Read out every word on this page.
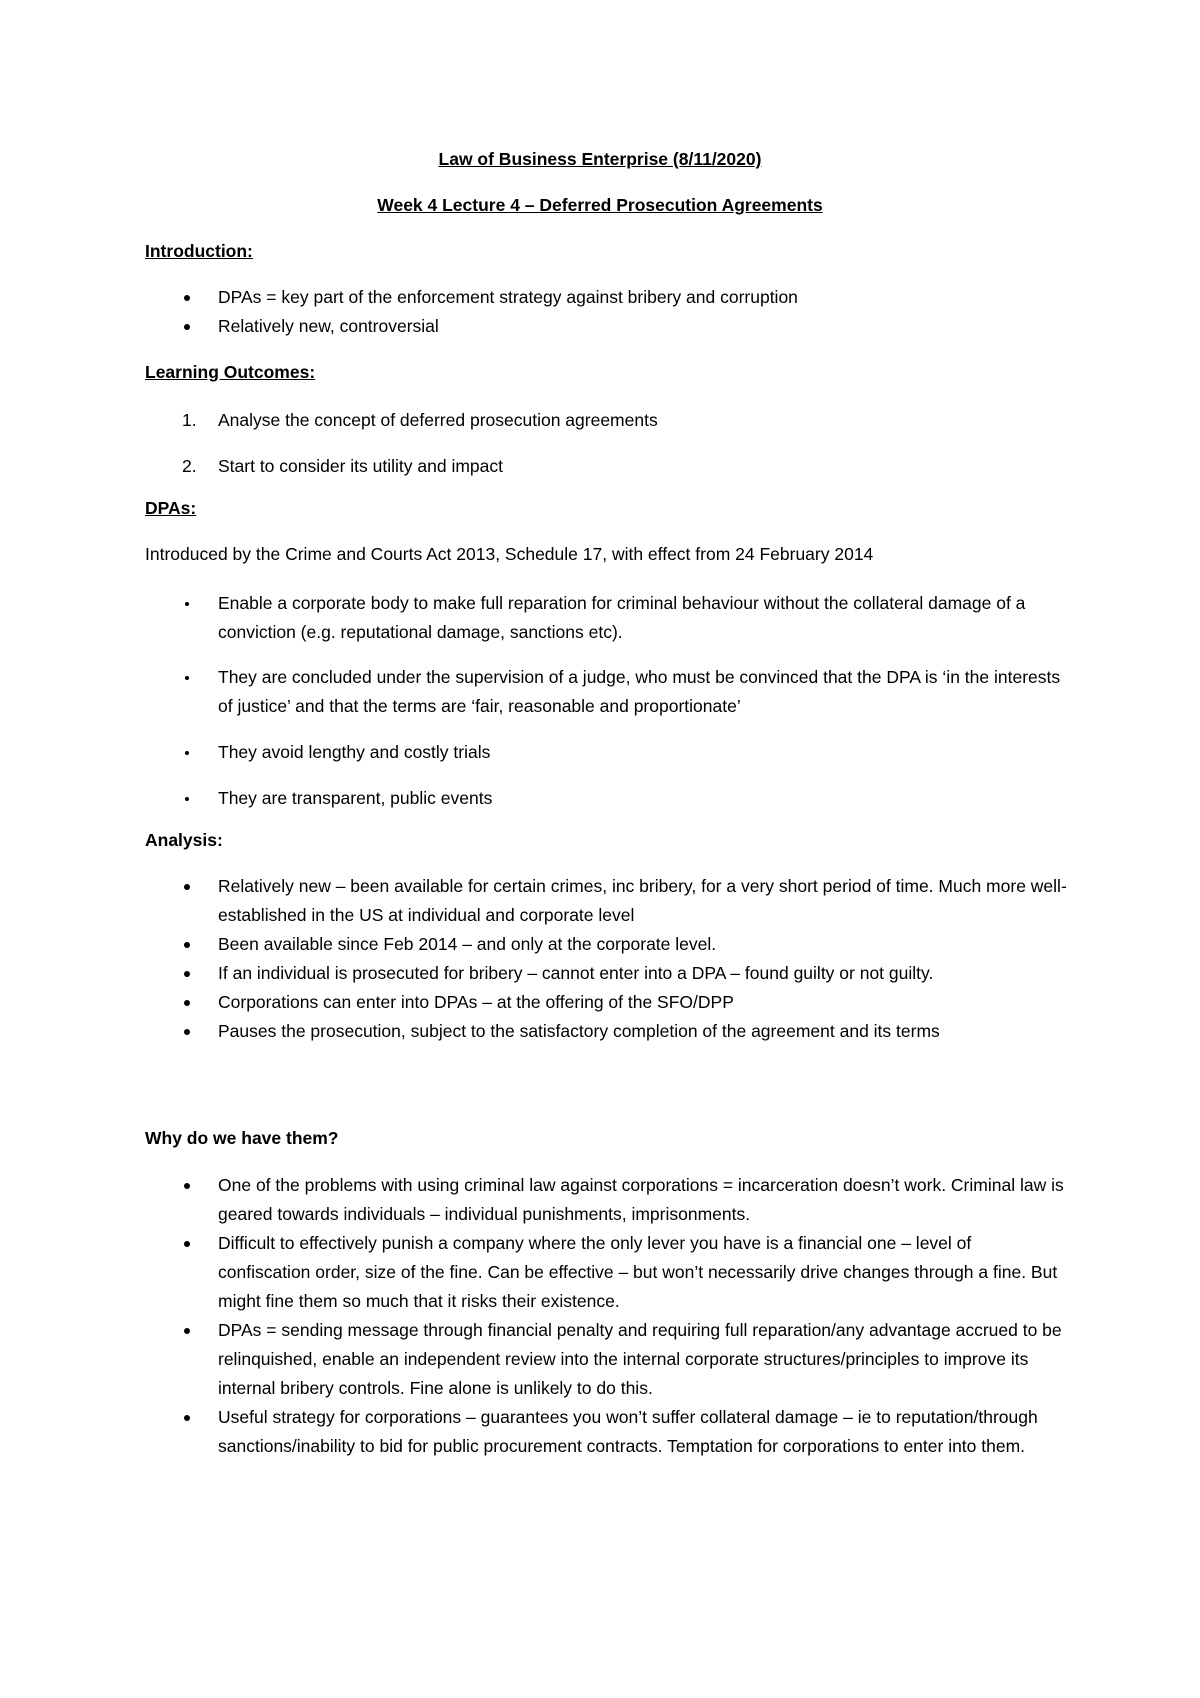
Law of Business Enterprise (8/11/2020)
Week 4 Lecture 4 – Deferred Prosecution Agreements
Introduction:
DPAs = key part of the enforcement strategy against bribery and corruption
Relatively new, controversial
Learning Outcomes:
1. Analyse the concept of deferred prosecution agreements
2. Start to consider its utility and impact
DPAs:
Introduced by the Crime and Courts Act 2013, Schedule 17, with effect from 24 February 2014
Enable a corporate body to make full reparation for criminal behaviour without the collateral damage of a conviction (e.g. reputational damage, sanctions etc).
They are concluded under the supervision of a judge, who must be convinced that the DPA is ‘in the interests of justice’ and that the terms are ‘fair, reasonable and proportionate’
They avoid lengthy and costly trials
They are transparent, public events
Analysis:
Relatively new – been available for certain crimes, inc bribery, for a very short period of time. Much more well-established in the US at individual and corporate level
Been available since Feb 2014 – and only at the corporate level.
If an individual is prosecuted for bribery – cannot enter into a DPA – found guilty or not guilty.
Corporations can enter into DPAs – at the offering of the SFO/DPP
Pauses the prosecution, subject to the satisfactory completion of the agreement and its terms
Why do we have them?
One of the problems with using criminal law against corporations = incarceration doesn’t work. Criminal law is geared towards individuals – individual punishments, imprisonments.
Difficult to effectively punish a company where the only lever you have is a financial one – level of confiscation order, size of the fine. Can be effective – but won’t necessarily drive changes through a fine. But might fine them so much that it risks their existence.
DPAs = sending message through financial penalty and requiring full reparation/any advantage accrued to be relinquished, enable an independent review into the internal corporate structures/principles to improve its internal bribery controls. Fine alone is unlikely to do this.
Useful strategy for corporations – guarantees you won’t suffer collateral damage – ie to reputation/through sanctions/inability to bid for public procurement contracts. Temptation for corporations to enter into them.
